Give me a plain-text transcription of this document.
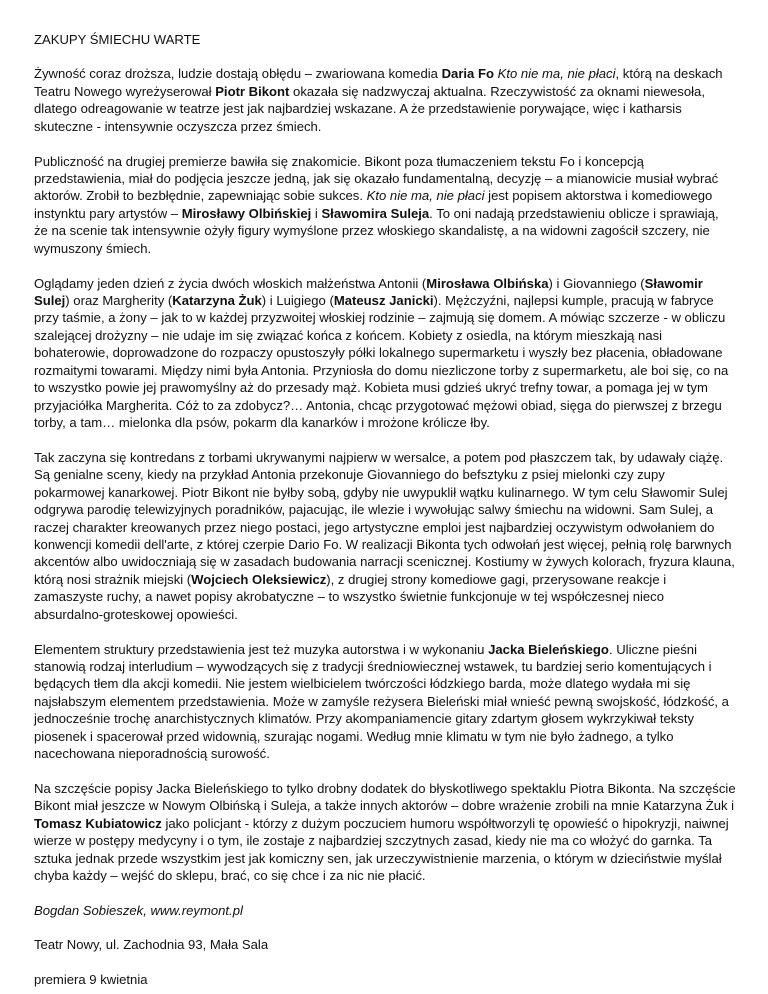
ZAKUPY ŚMIECHU WARTE

Żywność coraz droższa, ludzie dostają obłędu – zwariowana komedia Daria Fo Kto nie ma, nie płaci, którą na deskach Teatru Nowego wyreżyserował Piotr Bikont okazała się nadzwyczaj aktualna. Rzeczywistość za oknami niewesoła, dlatego odreagowanie w teatrze jest jak najbardziej wskazane. A że przedstawienie porywające, więc i katharsis skuteczne - intensywnie oczyszcza przez śmiech.

Publiczność na drugiej premierze bawiła się znakomicie. Bikont poza tłumaczeniem tekstu Fo i koncepcją przedstawienia, miał do podjęcia jeszcze jedną, jak się okazało fundamentalną, decyzję – a mianowicie musiał wybrać aktorów. Zrobił to bezbłędnie, zapewniając sobie sukces. Kto nie ma, nie płaci jest popisem aktorstwa i komediowego instynktu pary artystów – Mirosławy Olbińskiej i Sławomira Suleja. To oni nadają przedstawieniu oblicze i sprawiają, że na scenie tak intensywnie ożyły figury wymyślone przez włoskiego skandalistę, a na widowni zagościł szczery, nie wymuszony śmiech.

Oglądamy jeden dzień z życia dwóch włoskich małżeństwa Antonii (Mirosława Olbińska) i Giovanniego (Sławomir Sulej) oraz Margherity (Katarzyna Żuk) i Luigiego (Mateusz Janicki). Mężczyźni, najlepsi kumple, pracują w fabryce przy taśmie, a żony – jak to w każdej przyzwoitej włoskiej rodzinie – zajmują się domem. A mówiąc szczerze - w obliczu szalejącej drożyzny – nie udaje im się związać końca z końcem. Kobiety z osiedla, na którym mieszkają nasi bohaterowie, doprowadzone do rozpaczy opustoszyły półki lokalnego supermarketu i wyszły bez płacenia, obładowane rozmaitymi towarami. Między nimi była Antonia. Przyniosła do domu niezliczone torby z supermarketu, ale boi się, co na to wszystko powie jej prawomyślny aż do przesady mąż. Kobieta musi gdzieś ukryć trefny towar, a pomaga jej w tym przyjaciółka Margherita. Cóż to za zdobycz?… Antonia, chcąc przygotować mężowi obiad, sięga do pierwszej z brzegu torby, a tam… mielonka dla psów, pokarm dla kanarków i mrożone królicze łby.

Tak zaczyna się kontredans z torbami ukrywanymi najpierw w wersalce, a potem pod płaszczem tak, by udawały ciążę. Są genialne sceny, kiedy na przykład Antonia przekonuje Giovanniego do befsztyku z psiej mielonki czy zupy pokarmowej kanarkowej. Piotr Bikont nie byłby sobą, gdyby nie uwypuklił wątku kulinarnego. W tym celu Sławomir Sulej odgrywa parodię telewizyjnych poradników, pajacując, ile wlezie i wywołując salwy śmiechu na widowni. Sam Sulej, a raczej charakter kreowanych przez niego postaci, jego artystyczne emploi jest najbardziej oczywistym odwołaniem do konwencji komedii dell'arte, z której czerpie Dario Fo. W realizacji Bikonta tych odwołań jest więcej, pełnią rolę barwnych akcentów albo uwidoczniają się w zasadach budowania narracji scenicznej. Kostiumy w żywych kolorach, fryzura klauna, którą nosi strażnik miejski (Wojciech Oleksiewicz), z drugiej strony komediowe gagi, przerysowane reakcje i zamaszyste ruchy, a nawet popisy akrobatyczne – to wszystko świetnie funkcjonuje w tej współczesnej nieco absurdalno-groteskowej opowieści.

Elementem struktury przedstawienia jest też muzyka autorstwa i w wykonaniu Jacka Bieleńskiego. Uliczne pieśni stanowią rodzaj interludium – wywodzących się z tradycji średniowiecznej wstawek, tu bardziej serio komentujących i będących tłem dla akcji komedii. Nie jestem wielbicielem twórczości łódzkiego barda, może dlatego wydała mi się najsłabszym elementem przedstawienia. Może w zamyśle reżysera Bieleński miał wnieść pewną swojskość, łódzkość, a jednocześnie trochę anarchistycznych klimatów. Przy akompaniamencie gitary zdartym głosem wykrzykiwał teksty piosenek i spacerował przed widownią, szurając nogami. Według mnie klimatu w tym nie było żadnego, a tylko nacechowana nieporadnością surowość.

Na szczęście popisy Jacka Bieleńskiego to tylko drobny dodatek do błyskotliwego spektaklu Piotra Bikonta. Na szczęście Bikont miał jeszcze w Nowym Olbińską i Suleja, a także innych aktorów – dobre wrażenie zrobili na mnie Katarzyna Żuk i Tomasz Kubiatowicz jako policjant - którzy z dużym poczuciem humoru współtworzyli tę opowieść o hipokryzji, naiwnej wierze w postępy medycyny i o tym, ile zostaje z najbardziej szczytnych zasad, kiedy nie ma co włożyć do garnka. Ta sztuka jednak przede wszystkim jest jak komiczny sen, jak urzeczywistnienie marzenia, o którym w dzieciństwie myślał chyba każdy – wejść do sklepu, brać, co się chce i za nic nie płacić.

Bogdan Sobieszek, www.reymont.pl

Teatr Nowy, ul. Zachodnia 93, Mała Sala

premiera 9 kwietnia
